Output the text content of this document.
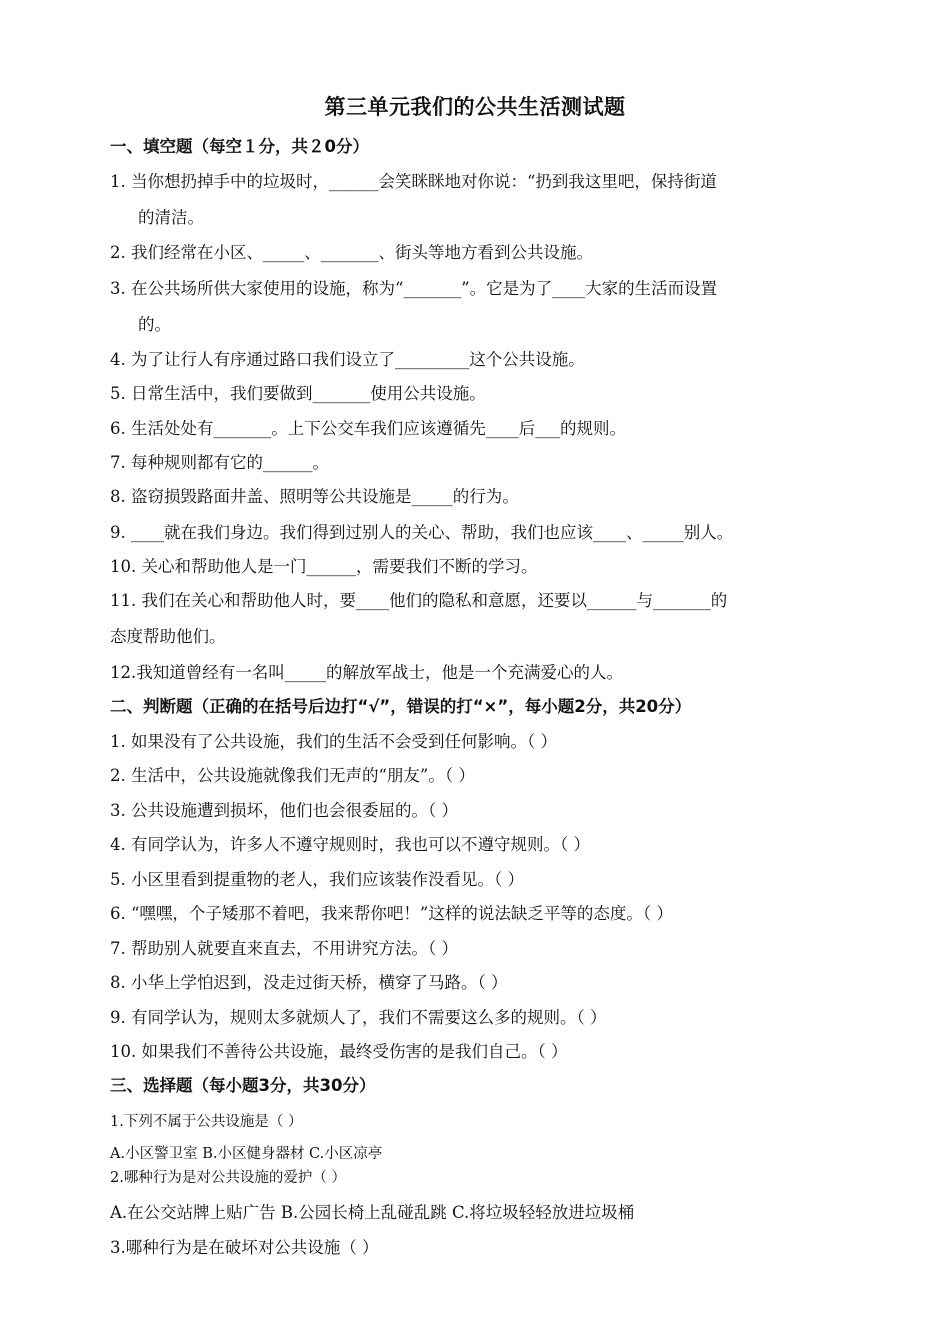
第三单元我们的公共生活测试题
一、填空题（每空１分，共２0分）
1. 当你想扔掉手中的垃圾时，______会笑眯眯地对你说：“扔到我这里吧，保持街道
的清洁。
2. 我们经常在小区、_____、_______、街头等地方看到公共设施。
3. 在公共场所供大家使用的设施，称为“_______”。它是为了____大家的生活而设置
的。
4. 为了让行人有序通过路口我们设立了_________这个公共设施。
5. 日常生活中，我们要做到_______使用公共设施。
6. 生活处处有_______。上下公交车我们应该遵循先____后___的规则。
7. 每种规则都有它的______。
8. 盗窃损毁路面井盖、照明等公共设施是_____的行为。
9. ____就在我们身边。我们得到过别人的关心、帮助，我们也应该____、_____别人。
10. 关心和帮助他人是一门______，需要我们不断的学习。
11. 我们在关心和帮助他人时，要____他们的隐私和意愿，还要以______与_______的
态度帮助他们。
12.我知道曾经有一名叫_____的解放军战士，他是一个充满爱心的人。
二、判断题（正确的在括号后边打“√”，错误的打“×”，每小题2分，共20分）
1. 如果没有了公共设施，我们的生活不会受到任何影响。（ ）
2. 生活中，公共设施就像我们无声的“朋友”。（ ）
3. 公共设施遭到损坏，他们也会很委屈的。（ ）
4. 有同学认为，许多人不遵守规则时，我也可以不遵守规则。（ ）
5. 小区里看到提重物的老人，我们应该装作没看见。（ ）
6. “嘿嘿，个子矮那不着吧，我来帮你吧！”这样的说法缺乏平等的态度。（ ）
7. 帮助别人就要直来直去，不用讲究方法。（ ）
8. 小华上学怕迟到，没走过街天桥，横穿了马路。（ ）
9. 有同学认为，规则太多就烦人了，我们不需要这么多的规则。（ ）
10. 如果我们不善待公共设施，最终受伤害的是我们自己。（ ）
三、选择题（每小题3分，共30分）
1.下列不属于公共设施是（ ）
A.小区警卫室 B.小区健身器材 C.小区凉亭
2.哪种行为是对公共设施的爱护（ ）
A.在公交站牌上贴广告 B.公园长椅上乱碰乱跳 C.将垃圾轻轻放进垃圾桶
3.哪种行为是在破坏对公共设施（ ）
